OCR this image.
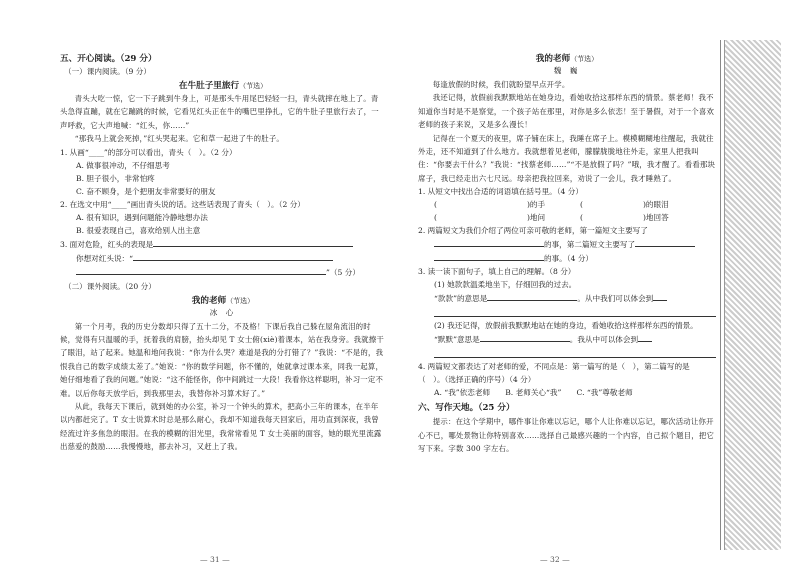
五、开心阅读。（29 分）

（一）课内阅读。（9 分）

在牛肚子里旅行（节选）

青头大吃一惊，它一下子跳到牛身上，可是那头牛用尾巴轻轻一扫，青头就摔在地上了。青头急得直蹦，就在它蹦跳的时候，它看见红头正在牛的嘴巴里挣扎，它的牛肚子里旅行去了，一声呼救，它大声地喊：“红头，你……”

“那我马上就会死掉，”红头哭起来。它和草一起进了牛的肚子。

1. 从画“____”的部分可以看出，青头（　）。（2 分）

A. 做事很冲动，不仔细思考

B. 胆子很小，非常怕疼

C. 奋不顾身，是个把朋友非常要好的朋友

2. 在选文中用“____”画出青头说的话。这些话表现了青头（　）。（2 分）

A. 很有知识，遇到问题能冷静地想办法

B. 很爱表现自己，喜欢给别人出主意

3. 面对危险，红头的表现是

你想对红头说：“

”（5 分）

（二）课外阅读。（20 分）

我的老师（节选）

冰 心

第一个月考，我的历史分数却只得了五十二分，不及格！下课后我自己躲在屋角流泪的时候，觉得有只温暖的手，抚着我的肩膀，抬头却见 T 女士俯(xiè)着课本，站在我身旁。我就擦干了眼泪，站了起来。她温和地问我说：“你为什么哭？难道是我的分打错了？”我说：“不是的，我恨我自己的数字成绩太差了。”她说：“你的数学问题，你不懂的，她就拿过课本来，同我一起算，她仔细地看了我的问题。”她说：“这不能怪你，你中间跳过一大段！我看你这样聪明，补习一定不难。以后你每天放学后，到我那里去，我替你补习算术好了。”

从此，我每天下课后，就到她的办公室，补习一个钟头的算术，把高小三年的课本，在半年以内都赶完了。T 女士说算术时总是那么耐心，我却不知道我每天回家后，用功直到深夜，我曾经流过许多焦急的眼泪。在我的模糊的泪光里，我常常看见 T 女士美丽的面容，她的眼光里流露出慈爱的鼓励……我慢慢地，都去补习，又赶上了我。

— 31 —

我的老师（节选）

魏 巍

每逢放假的时候，我们就盼望早点开学。

我还记得，放假前我默默地站在她身边，看她收拾这那样东西的情景。蔡老师！我不知道你当时是不是察觉，一个孩子站在那里，对你是多么依恋！至于暑假，对于一个喜欢老师的孩子来说，又是多么漫长！

记得在一个夏天的夜里，席子铺在床上，我睡在席子上。模模糊糊地往醒起，我就往外走，还不知道到了什么地方。我就想着见老师，朦朦胧胧地往外走，家里人把我叫住：“你要去干什么？”我说：“找蔡老师……”“不是放假了吗？”哦，我才醒了。看看那块席子，我已经走出六七尺远。母亲把我拉回来，劝说了一会儿，我才睡熟了。

1. 从短文中找出合适的词语填在括号里。（4 分）

(	)的手	(	)的眼泪

(	)地问	(	)地回答

2. 两篇短文为我们介绍了两位可亲可敬的老师，第一篇短文主要写了

的事，第二篇短文主要写了

的事。（4 分）

3. 读一读下面句子，填上自己的理解。（8 分）

(1) 她款款温柔地坐下，仔细回我的过去。

“款款”的意思是	。从中我们可以体会到

(2) 我还记得，放假前我默默地站在她的身边，看她收拾这样那样东西的情景。

“默默”意思是	。我从中可以体会到

4. 两篇短文都表达了对老师的爱，不同点是：第一篇写的是（　），第二篇写的是（　）。（选择正确的序号）（4 分）

A. “我”依恋老师　　B. 老师关心“我”　　C. “我”尊敬老师

六、写作天地。（25 分）

提示：在这个学期中，哪件事让你难以忘记，哪个人让你难以忘记，哪次活动让你开心不已，哪处景物让你特别喜欢……选择自己最感兴趣的一个内容，自己拟个题目，把它写下来。字数 300 字左右。

— 32 —
